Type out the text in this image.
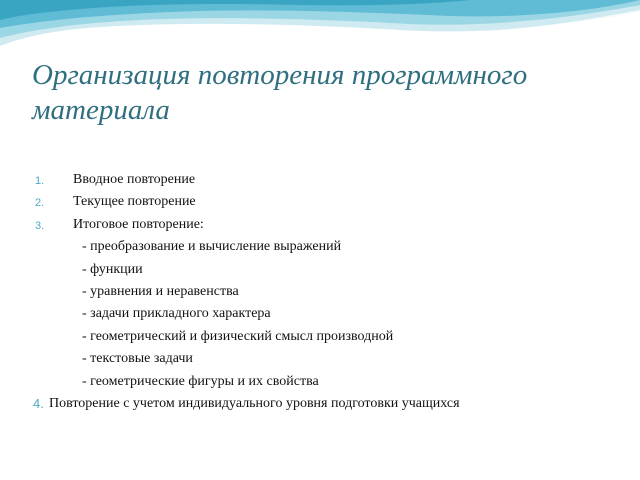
Организация повторения программного материала
1. Вводное повторение
2. Текущее повторение
3. Итоговое повторение:
- преобразование и вычисление выражений
- функции
- уравнения и неравенства
- задачи прикладного характера
- геометрический и физический смысл производной
- текстовые задачи
- геометрические фигуры и их свойства
4. Повторение с учетом индивидуального уровня подготовки учащихся
